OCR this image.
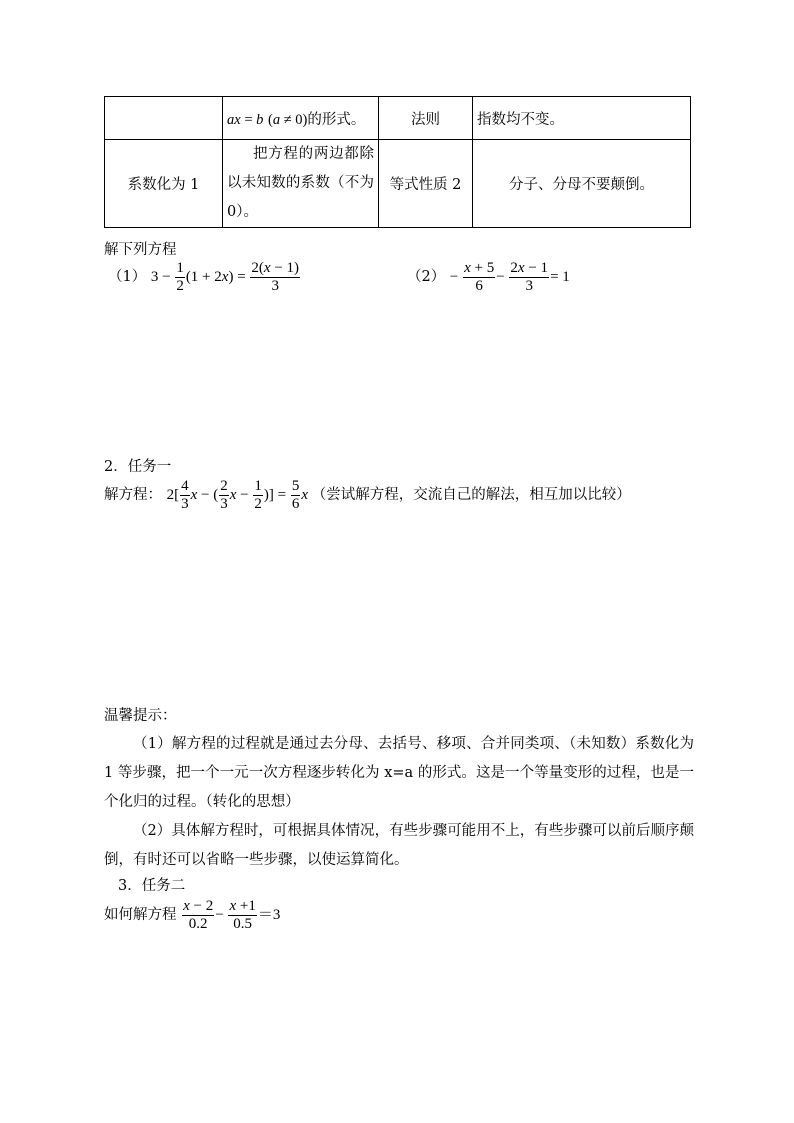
	ax = b (a ≠ 0)的形式。	法则	指数均不变。
系数化为 1	把方程的两边都除以未知数的系数（不为 0）。	等式性质 2	分子、分母不要颠倒。
解下列方程
（1） $3 - \frac{1}{2} (1 + 2x) = \frac{2(x - 1)}{3}$	$(2) - \frac{x + 5}{6} - \frac{2x - 1}{3} = 1$
2．任务一
解方程： $2[ \frac{4}{3}$ x − ( $\frac{2}{3}$ $x - \frac{1}{2}$ )] = $\frac{5}{6}$ x （尝试解方程，交流自己的解法，相互加以比较）
温馨提示：
（1）解方程的过程就是通过去分母、去括号、移项、合并同类项、（未知数）系数化为 1 等步骤，把一个一元一次方程逐步转化为 x=a 的形式。这是一个等量变形的过程，也是一个化归的过程。（转化的思想）
（2）具体解方程时，可根据具体情况，有些步骤可能用不上，有些步骤可以前后顺序颠倒，有时还可以省略一些步骤，以使运算简化。
3．任务二
如何解方程 $\frac{x - 2}{0.2} - \frac{x +1}{0.5} =3$
